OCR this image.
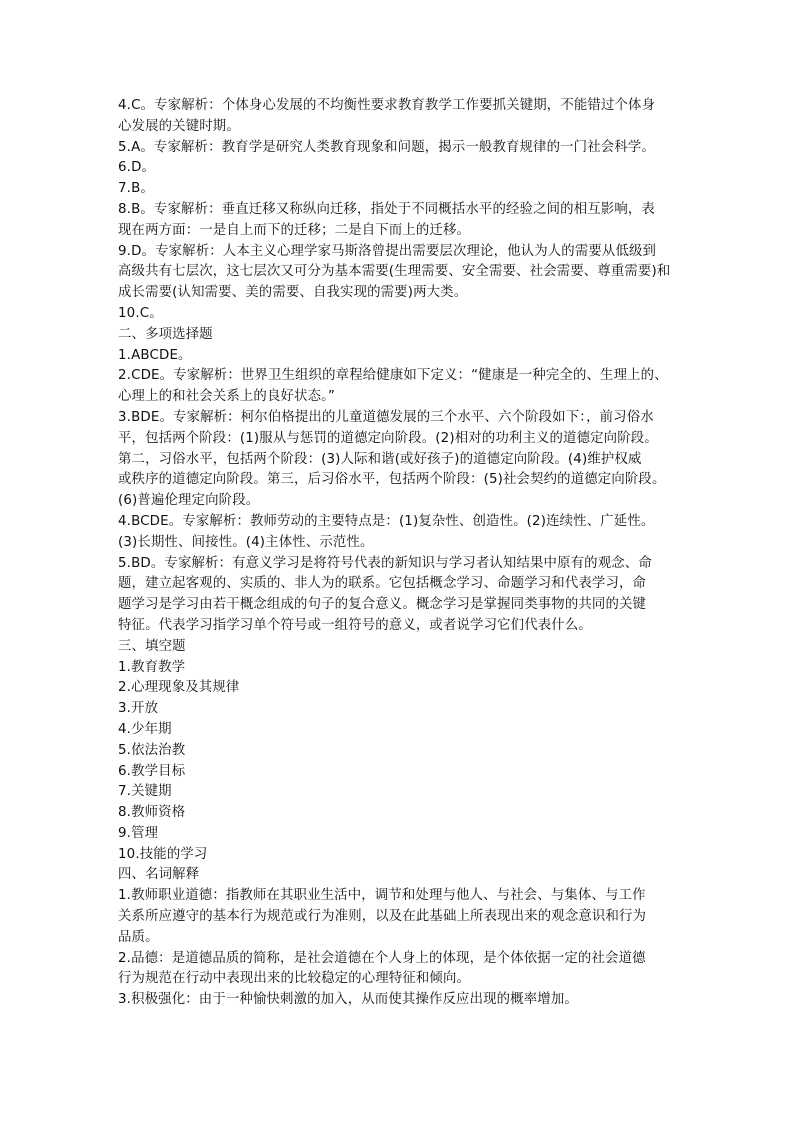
4.C。专家解析：个体身心发展的不均衡性要求教育教学工作要抓关键期，不能错过个体身
心发展的关键时期。
5.A。专家解析：教育学是研究人类教育现象和问题，揭示一般教育规律的一门社会科学。
6.D。
7.B。
8.B。专家解析：垂直迁移又称纵向迁移，指处于不同概括水平的经验之间的相互影响，表
现在两方面：一是自上而下的迁移；二是自下而上的迁移。
9.D。专家解析：人本主义心理学家马斯洛曾提出需要层次理论，他认为人的需要从低级到
高级共有七层次，这七层次又可分为基本需要(生理需要、安全需要、社会需要、尊重需要)和
成长需要(认知需要、美的需要、自我实现的需要)两大类。
10.C。
二、多项选择题
1.ABCDE。
2.CDE。专家解析：世界卫生组织的章程给健康如下定义：“健康是一种完全的、生理上的、
心理上的和社会关系上的良好状态。”
3.BDE。专家解析：柯尔伯格提出的儿童道德发展的三个水平、六个阶段如下：，前习俗水
平，包括两个阶段：(1)服从与惩罚的道德定向阶段。(2)相对的功利主义的道德定向阶段。
第二，习俗水平，包括两个阶段：(3)人际和谐(或好孩子)的道德定向阶段。(4)维护权威
或秩序的道德定向阶段。第三，后习俗水平，包括两个阶段：(5)社会契约的道德定向阶段。
(6)普遍伦理定向阶段。
4.BCDE。专家解析：教师劳动的主要特点是：(1)复杂性、创造性。(2)连续性、广延性。
(3)长期性、间接性。(4)主体性、示范性。
5.BD。专家解析：有意义学习是将符号代表的新知识与学习者认知结果中原有的观念、命
题，建立起客观的、实质的、非人为的联系。它包括概念学习、命题学习和代表学习，命
题学习是学习由若干概念组成的句子的复合意义。概念学习是掌握同类事物的共同的关键
特征。代表学习指学习单个符号或一组符号的意义，或者说学习它们代表什么。
三、填空题
1.教育教学
2.心理现象及其规律
3.开放
4.少年期
5.依法治教
6.教学目标
7.关键期
8.教师资格
9.管理
10.技能的学习
四、名词解释
1.教师职业道德：指教师在其职业生活中，调节和处理与他人、与社会、与集体、与工作
关系所应遵守的基本行为规范或行为准则，以及在此基础上所表现出来的观念意识和行为
品质。
2.品德：是道德品质的简称，是社会道德在个人身上的体现，是个体依据一定的社会道德
行为规范在行动中表现出来的比较稳定的心理特征和倾向。
3.积极强化：由于一种愉快刺激的加入，从而使其操作反应出现的概率增加。
